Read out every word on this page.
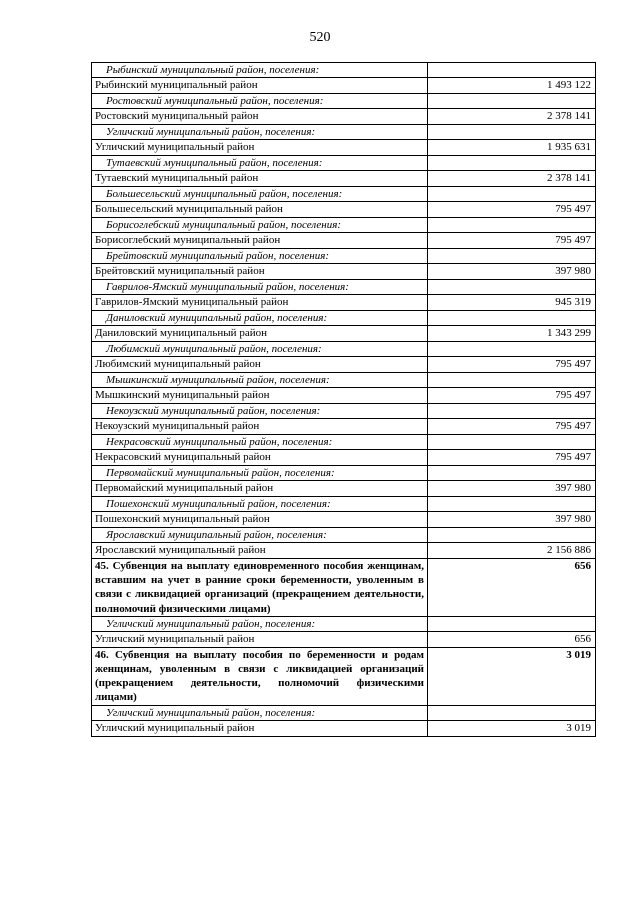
520
Рыбинский муниципальный район, поселения:	
Рыбинский муниципальный район	1 493 122
Ростовский муниципальный район, поселения:	
Ростовский муниципальный район	2 378 141
Угличский муниципальный район, поселения:	
Угличский муниципальный район	1 935 631
Тутаевский муниципальный район, поселения:	
Тутаевский муниципальный район	2 378 141
Большесельский муниципальный район, поселения:	
Большесельский муниципальный район	795 497
Борисоглебский муниципальный район, поселения:	
Борисоглебский муниципальный район	795 497
Брейтовский муниципальный район, поселения:	
Брейтовский муниципальный район	397 980
Гаврилов-Ямский муниципальный район, поселения:	
Гаврилов-Ямский муниципальный район	945 319
Даниловский муниципальный район, поселения:	
Даниловский муниципальный район	1 343 299
Любимский муниципальный район, поселения:	
Любимский муниципальный район	795 497
Мышкинский муниципальный район, поселения:	
Мышкинский муниципальный район	795 497
Некоузский муниципальный район, поселения:	
Некоузский муниципальный район	795 497
Некрасовский муниципальный район, поселения:	
Некрасовский муниципальный район	795 497
Первомайский муниципальный район, поселения:	
Первомайский муниципальный район	397 980
Пошехонский муниципальный район, поселения:	
Пошехонский муниципальный район	397 980
Ярославский муниципальный район, поселения:	
Ярославский муниципальный район	2 156 886
45. Субвенция на выплату единовременного пособия женщинам, вставшим на учет в ранние сроки беременности, уволенным в связи с ликвидацией организаций (прекращением деятельности, полномочий физическими лицами)	656
Угличский муниципальный район, поселения:	
Угличский муниципальный район	656
46. Субвенция на выплату пособия по беременности и родам женщинам, уволенным в связи с ликвидацией организаций (прекращением деятельности, полномочий физическими лицами)	3 019
Угличский муниципальный район, поселения:	
Угличский муниципальный район	3 019
